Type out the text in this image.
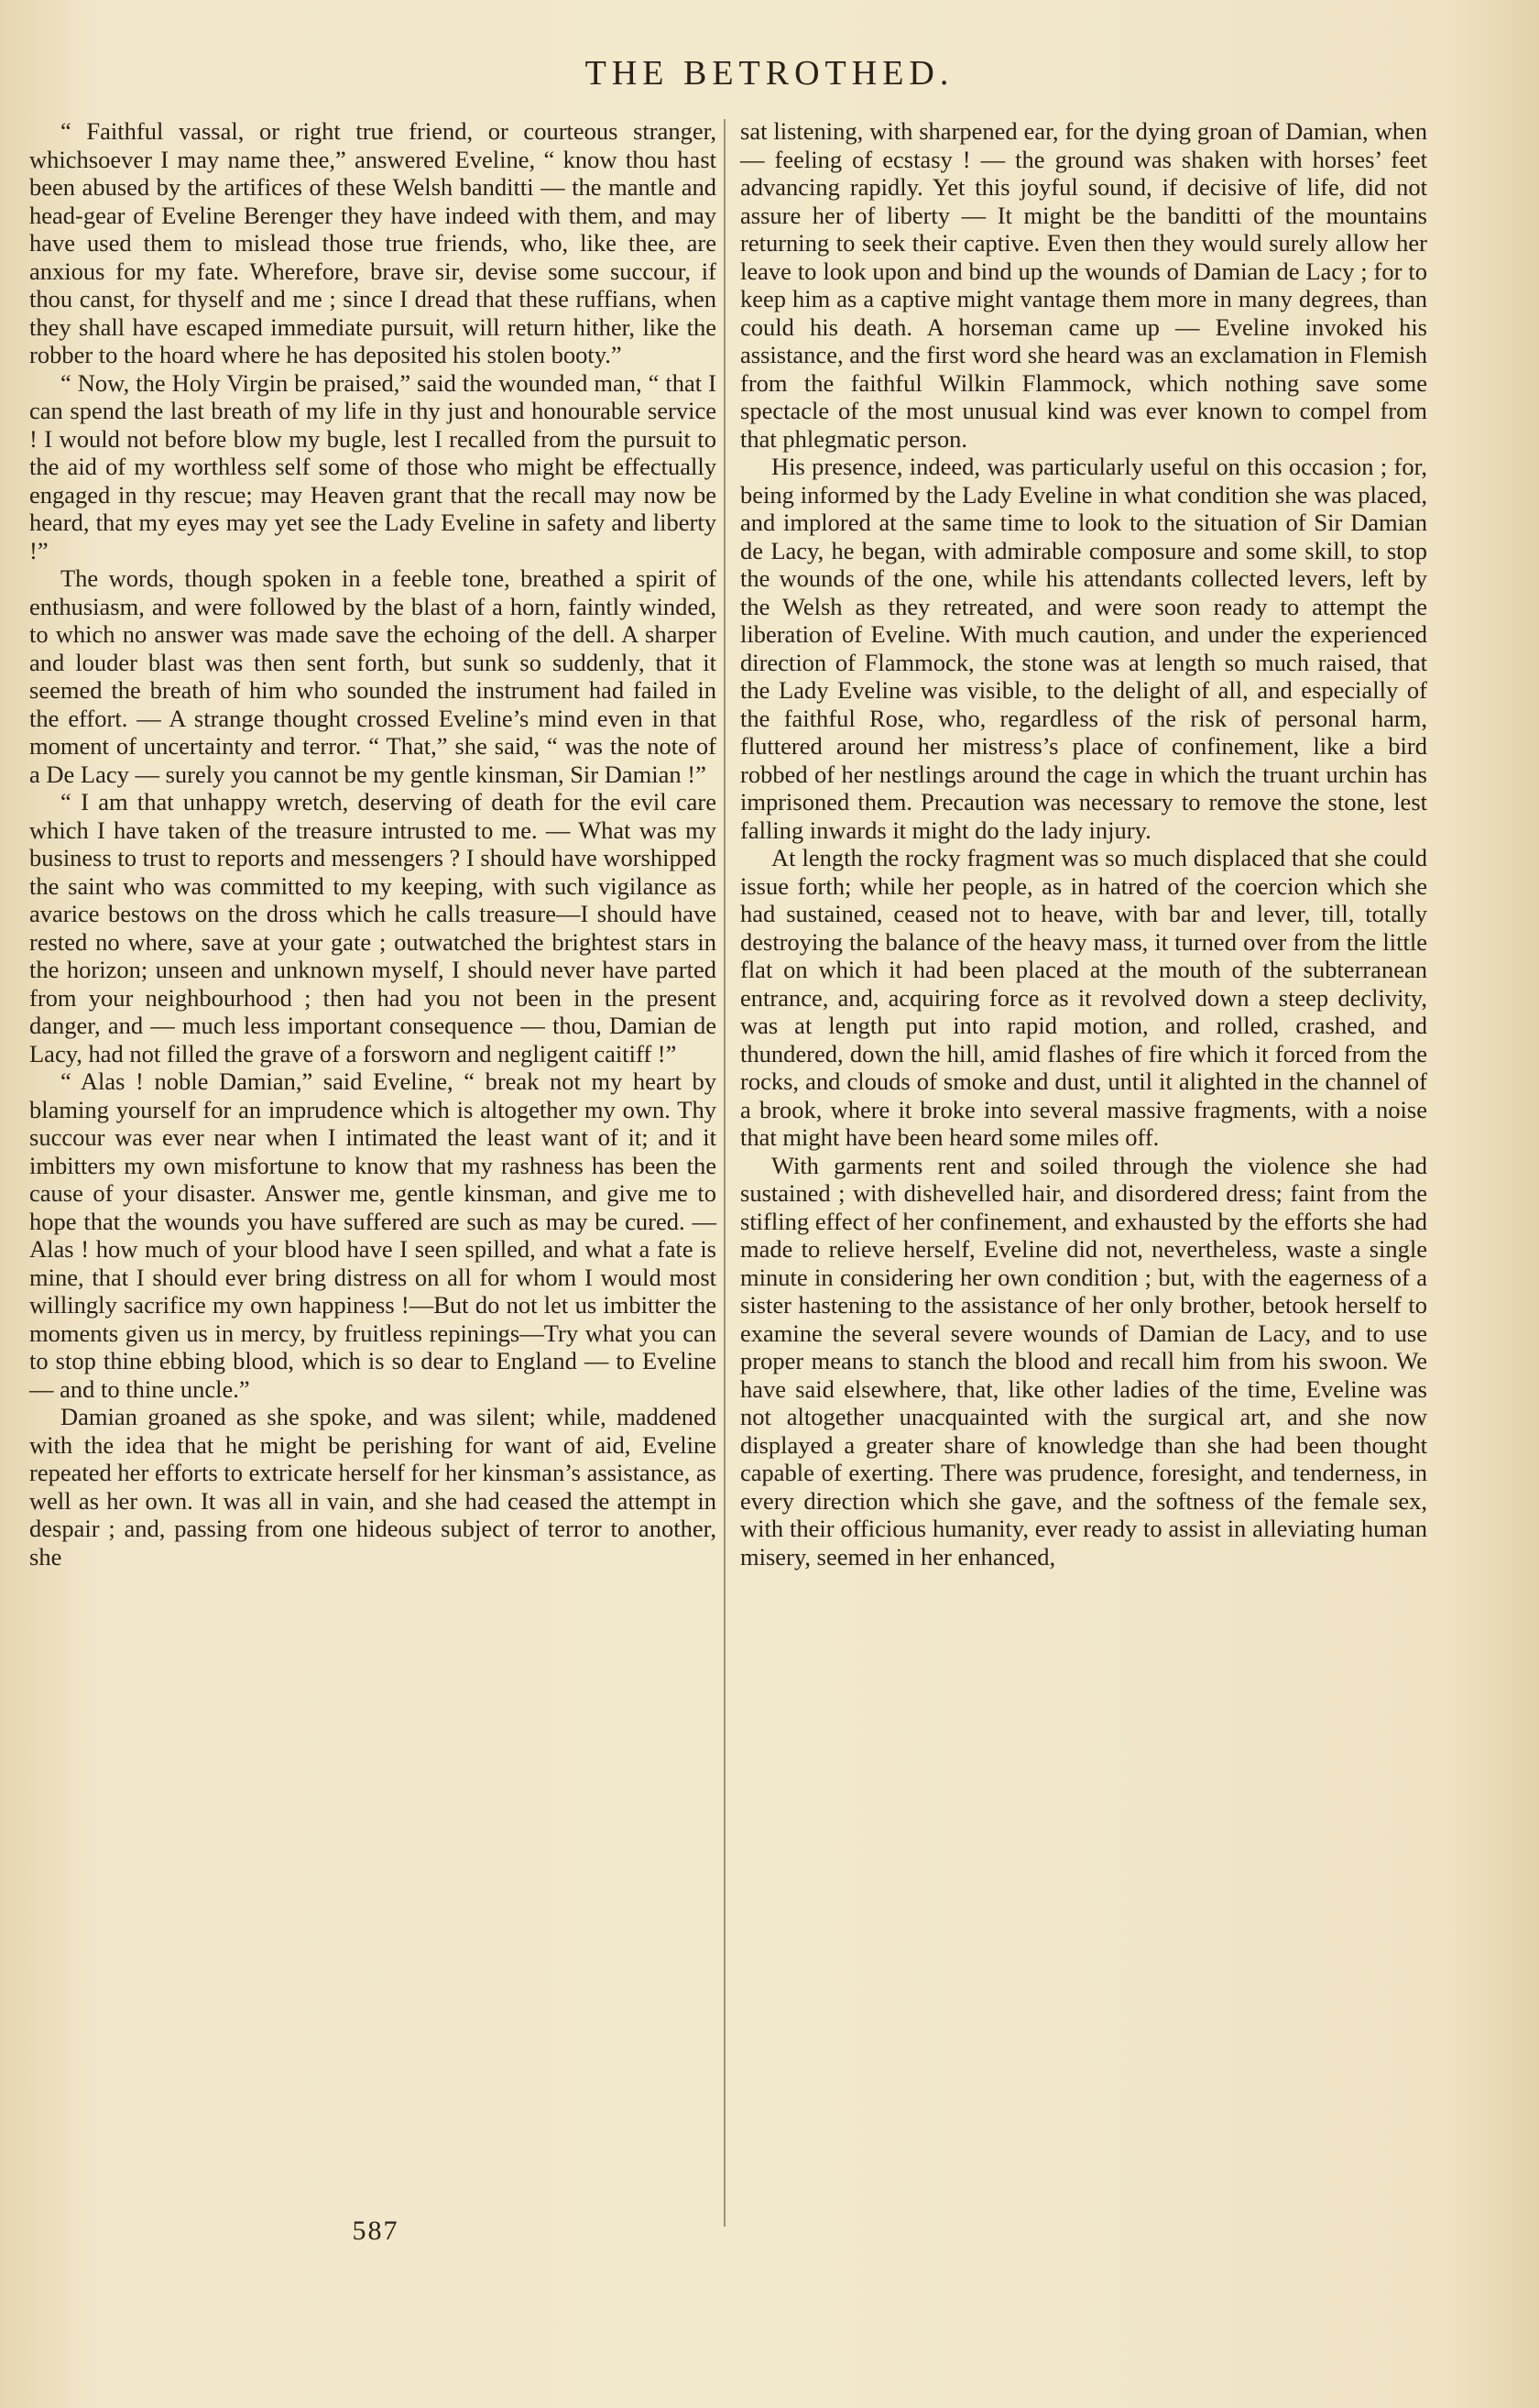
THE BETROTHED.

“ Faithful vassal, or right true friend, or courteous stranger, whichsoever I may name thee,” answered Eveline, “ know thou hast been abused by the artifices of these Welsh banditti — the mantle and head-gear of Eveline Berenger they have indeed with them, and may have used them to mislead those true friends, who, like thee, are anxious for my fate. Wherefore, brave sir, devise some succour, if thou canst, for thyself and me ; since I dread that these ruffians, when they shall have escaped immediate pursuit, will return hither, like the robber to the hoard where he has deposited his stolen booty.”

“ Now, the Holy Virgin be praised,” said the wounded man, “ that I can spend the last breath of my life in thy just and honourable service ! I would not before blow my bugle, lest I recalled from the pursuit to the aid of my worthless self some of those who might be effectually engaged in thy rescue; may Heaven grant that the recall may now be heard, that my eyes may yet see the Lady Eveline in safety and liberty !”

The words, though spoken in a feeble tone, breathed a spirit of enthusiasm, and were followed by the blast of a horn, faintly winded, to which no answer was made save the echoing of the dell. A sharper and louder blast was then sent forth, but sunk so suddenly, that it seemed the breath of him who sounded the instrument had failed in the effort. — A strange thought crossed Eveline’s mind even in that moment of uncertainty and terror. “ That,” she said, “ was the note of a De Lacy — surely you cannot be my gentle kinsman, Sir Damian !”

“ I am that unhappy wretch, deserving of death for the evil care which I have taken of the treasure intrusted to me. — What was my business to trust to reports and messengers ? I should have worshipped the saint who was committed to my keeping, with such vigilance as avarice bestows on the dross which he calls treasure—I should have rested no where, save at your gate ; outwatched the brightest stars in the horizon; unseen and unknown myself, I should never have parted from your neighbourhood ; then had you not been in the present danger, and — much less important consequence — thou, Damian de Lacy, had not filled the grave of a forsworn and negligent caitiff !”

“ Alas ! noble Damian,” said Eveline, “ break not my heart by blaming yourself for an imprudence which is altogether my own. Thy succour was ever near when I intimated the least want of it; and it imbitters my own misfortune to know that my rashness has been the cause of your disaster. Answer me, gentle kinsman, and give me to hope that the wounds you have suffered are such as may be cured. — Alas ! how much of your blood have I seen spilled, and what a fate is mine, that I should ever bring distress on all for whom I would most willingly sacrifice my own happiness !—But do not let us imbitter the moments given us in mercy, by fruitless repinings—Try what you can to stop thine ebbing blood, which is so dear to England — to Eveline — and to thine uncle.”

Damian groaned as she spoke, and was silent; while, maddened with the idea that he might be perishing for want of aid, Eveline repeated her efforts to extricate herself for her kinsman’s assistance, as well as her own. It was all in vain, and she had ceased the attempt in despair ; and, passing from one hideous subject of terror to another, she

sat listening, with sharpened ear, for the dying groan of Damian, when — feeling of ecstasy ! — the ground was shaken with horses’ feet advancing rapidly. Yet this joyful sound, if decisive of life, did not assure her of liberty — It might be the banditti of the mountains returning to seek their captive. Even then they would surely allow her leave to look upon and bind up the wounds of Damian de Lacy ; for to keep him as a captive might vantage them more in many degrees, than could his death. A horseman came up — Eveline invoked his assistance, and the first word she heard was an exclamation in Flemish from the faithful Wilkin Flammock, which nothing save some spectacle of the most unusual kind was ever known to compel from that phlegmatic person.

His presence, indeed, was particularly useful on this occasion ; for, being informed by the Lady Eveline in what condition she was placed, and implored at the same time to look to the situation of Sir Damian de Lacy, he began, with admirable composure and some skill, to stop the wounds of the one, while his attendants collected levers, left by the Welsh as they retreated, and were soon ready to attempt the liberation of Eveline. With much caution, and under the experienced direction of Flammock, the stone was at length so much raised, that the Lady Eveline was visible, to the delight of all, and especially of the faithful Rose, who, regardless of the risk of personal harm, fluttered around her mistress’s place of confinement, like a bird robbed of her nestlings around the cage in which the truant urchin has imprisoned them. Precaution was necessary to remove the stone, lest falling inwards it might do the lady injury.

At length the rocky fragment was so much displaced that she could issue forth; while her people, as in hatred of the coercion which she had sustained, ceased not to heave, with bar and lever, till, totally destroying the balance of the heavy mass, it turned over from the little flat on which it had been placed at the mouth of the subterranean entrance, and, acquiring force as it revolved down a steep declivity, was at length put into rapid motion, and rolled, crashed, and thundered, down the hill, amid flashes of fire which it forced from the rocks, and clouds of smoke and dust, until it alighted in the channel of a brook, where it broke into several massive fragments, with a noise that might have been heard some miles off.

With garments rent and soiled through the violence she had sustained ; with dishevelled hair, and disordered dress; faint from the stifling effect of her confinement, and exhausted by the efforts she had made to relieve herself, Eveline did not, nevertheless, waste a single minute in considering her own condition ; but, with the eagerness of a sister hastening to the assistance of her only brother, betook herself to examine the several severe wounds of Damian de Lacy, and to use proper means to stanch the blood and recall him from his swoon. We have said elsewhere, that, like other ladies of the time, Eveline was not altogether unacquainted with the surgical art, and she now displayed a greater share of knowledge than she had been thought capable of exerting. There was prudence, foresight, and tenderness, in every direction which she gave, and the softness of the female sex, with their officious humanity, ever ready to assist in alleviating human misery, seemed in her enhanced,

587
